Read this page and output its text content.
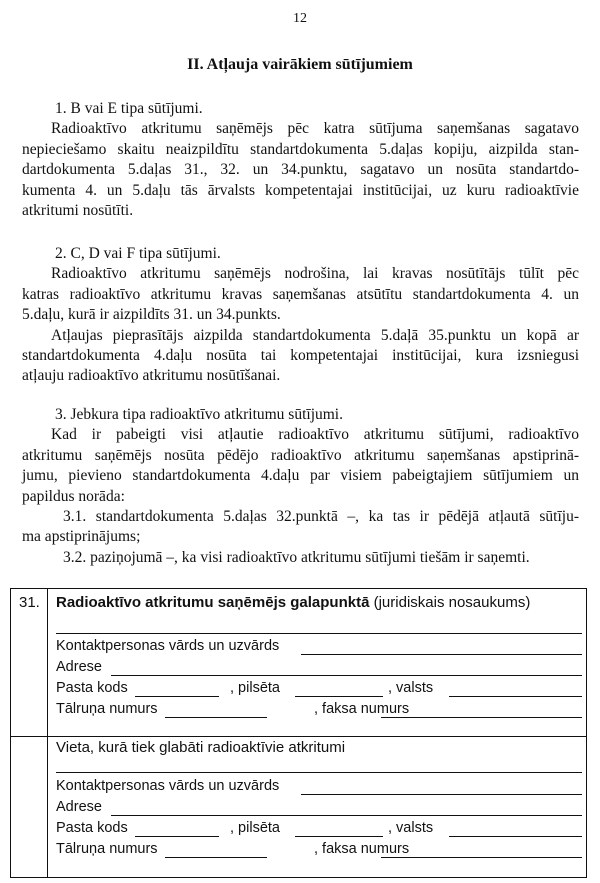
12
II. Atļauja vairākiem sūtījumiem

1. B vai E tipa sūtījumi.

Radioaktīvo atkritumu saņēmējs pēc katra sūtījuma saņemšanas sagatavo

nepieciešamo skaitu neaizpildītu standartdokumenta 5.daļas kopiju, aizpilda stan-

dartdokumenta 5.daļas 31., 32. un 34.punktu, sagatavo un nosūta standartdo-

kumenta 4. un 5.daļu tās ārvalsts kompetentajai institūcijai, uz kuru radioaktīvie

atkritumi nosūtīti.

2. C, D vai F tipa sūtījumi.

Radioaktīvo atkritumu saņēmējs nodrošina, lai kravas nosūtītājs tūlīt pēc

katras radioaktīvo atkritumu kravas saņemšanas atsūtītu standartdokumenta 4. un

5.daļu, kurā ir aizpildīts 31. un 34.punkts.

Atļaujas pieprasītājs aizpilda standartdokumenta 5.daļā 35.punktu un kopā ar

standartdokumenta 4.daļu nosūta tai kompetentajai institūcijai, kura izsniegusi

atļauju radioaktīvo atkritumu nosūtīšanai.

3. Jebkura tipa radioaktīvo atkritumu sūtījumi.

Kad ir pabeigti visi atļautie radioaktīvo atkritumu sūtījumi, radioaktīvo

atkritumu saņēmējs nosūta pēdējo radioaktīvo atkritumu saņemšanas apstiprinā-

jumu, pievieno standartdokumenta 4.daļu par visiem pabeigtajiem sūtījumiem un

papildus norāda:

3.1. standartdokumenta 5.daļas 32.punktā –, ka tas ir pēdējā atļautā sūtīju-

ma apstiprinājums;

3.2. paziņojumā –, ka visi radioaktīvo atkritumu sūtījumi tiešām ir saņemti.

31. Radioaktīvo atkritumu saņēmējs galapunktā (juridiskais nosaukums)
Kontaktpersonas vārds un uzvārds
Adrese
Pasta kods	, pilsēta	, valsts
Tālruņa numurs	, faksa numurs
Vieta, kurā tiek glabāti radioaktīvie atkritumi
Kontaktpersonas vārds un uzvārds
Adrese
Pasta kods	, pilsēta	, valsts
Tālruņa numurs	, faksa numurs
